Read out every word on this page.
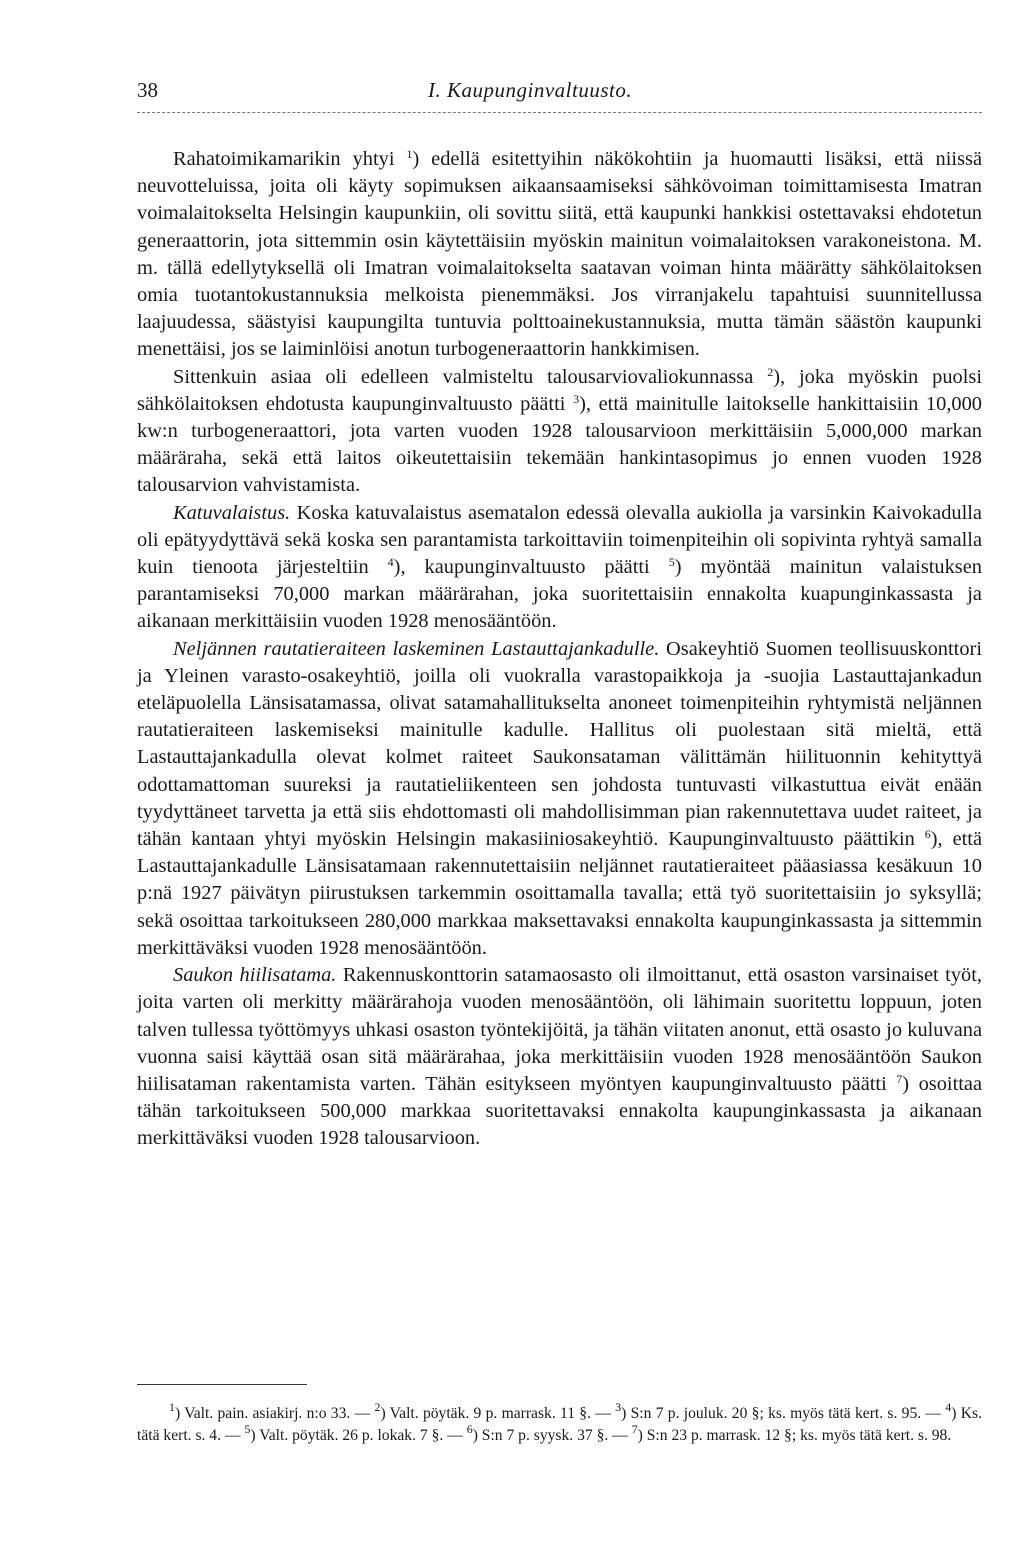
38	I. Kaupunginvaltuusto.

Rahatoimikamarikin yhtyi $^1$) edellä esitettyihin näkökohtiin ja huomautti lisäksi, että niissä neuvotteluissa, joita oli käyty sopimuksen aikaansaamiseksi sähkövoiman toimittamisesta Imatran voimalaitokselta Helsingin kaupunkiin, oli sovittu siitä, että kaupunki hankkisi ostettavaksi ehdotetun generaattorin, jota sittemmin osin käytettäisiin myöskin mainitun voimalaitoksen varakoneistona. M. m. tällä edellytyksellä oli Imatran voimalaitokselta saatavan voiman hinta määrätty sähkölaitoksen omia tuotantokustannuksia melkoista pienemmäksi. Jos virranjakelu tapahtuisi suunnitellussa laajuudessa, säästyisi kaupungilta tuntuvia polttoainekustannuksia, mutta tämän säästön kaupunki menettäisi, jos se laiminlöisi anotun turbogeneraattorin hankkimisen.

Sittenkuin asiaa oli edelleen valmisteltu talousarviovaliokunnassa $^2$), joka myöskin puolsi sähkölaitoksen ehdotusta kaupunginvaltuusto päätti $^3$), että mainitulle laitokselle hankittaisiin 10,000 kw:n turbogeneraattori, jota varten vuoden 1928 talousarvioon merkittäisiin 5,000,000 markan määräraha, sekä että laitos oikeutettaisiin tekemään hankintasopimus jo ennen vuoden 1928 talousarvion vahvistamista.

Katuvalaistus. Koska katuvalaistus asematalon edessä olevalla aukiolla ja varsinkin Kaivokadulla oli epätyydyttävä sekä koska sen parantamista tarkoittaviin toimenpiteihin oli sopivinta ryhtyä samalla kuin tienoota järjesteltiin $^4$), kaupunginvaltuusto päätti $^5$) myöntää mainitun valaistuksen parantamiseksi 70,000 markan määrärahan, joka suoritettaisiin ennakolta kuapunginkassasta ja aikanaan merkittäisiin vuoden 1928 menosääntöön.

Neljännen rautatieraiteen laskeminen Lastauttajankadulle. Osakeyhtiö Suomen teollisuuskonttori ja Yleinen varasto-osakeyhtiö, joilla oli vuokralla varastopaikkoja ja -suojia Lastauttajankadun eteläpuolella Länsisatamassa, olivat satamahallitukselta anoneet toimenpiteihin ryhtymistä neljännen rautatieraiteen laskemiseksi mainitulle kadulle. Hallitus oli puolestaan sitä mieltä, että Lastauttajankadulla olevat kolmet raiteet Saukonsataman välittämän hiilituonnin kehityttyä odottamattoman suureksi ja rautatieliikenteen sen johdosta tuntuvasti vilkastuttua eivät enään tyydyttäneet tarvetta ja että siis ehdottomasti oli mahdollisimman pian rakennutettava uudet raiteet, ja tähän kantaan yhtyi myöskin Helsingin makasiiniosakeyhtiö. Kaupunginvaltuusto päättikin $^6$), että Lastauttajankadulle Länsisatamaan rakennutettaisiin neljännet rautatieraiteet pääasiassa kesäkuun 10 p:nä 1927 päivätyn piirustuksen tarkemmin osoittamalla tavalla; että työ suoritettaisiin jo syksyllä; sekä osoittaa tarkoitukseen 280,000 markkaa maksettavaksi ennakolta kaupunginkassasta ja sittemmin merkittäväksi vuoden 1928 menosääntöön.

Saukon hiilisatama. Rakennuskonttorin satamaosasto oli ilmoittanut, että osaston varsinaiset työt, joita varten oli merkitty määrärahoja vuoden menosääntöön, oli lähimain suoritettu loppuun, joten talven tullessa työttömyys uhkasi osaston työntekijöitä, ja tähän viitaten anonut, että osasto jo kuluvana vuonna saisi käyttää osan sitä määrärahaa, joka merkittäisiin vuoden 1928 menosääntöön Saukon hiilisataman rakentamista varten. Tähän esitykseen myöntyen kaupunginvaltuusto päätti $^7$) osoittaa tähän tarkoitukseen 500,000 markkaa suoritettavaksi ennakolta kaupunginkassasta ja aikanaan merkittäväksi vuoden 1928 talousarvioon.

$^1$) Valt. pain. asiakirj. n:o 33. — $^2$) Valt. pöytäk. 9 p. marrask. 11 §. — $^3$) S:n 7 p. jouluk. 20 §; ks. myös tätä kert. s. 95. — $^4$) Ks. tätä kert. s. 4. — $^5$) Valt. pöytäk. 26 p. lokak. 7 §. — $^6$) S:n 7 p. syysk. 37 §. — $^7$) S:n 23 p. marrask. 12 §; ks. myös tätä kert. s. 98.
